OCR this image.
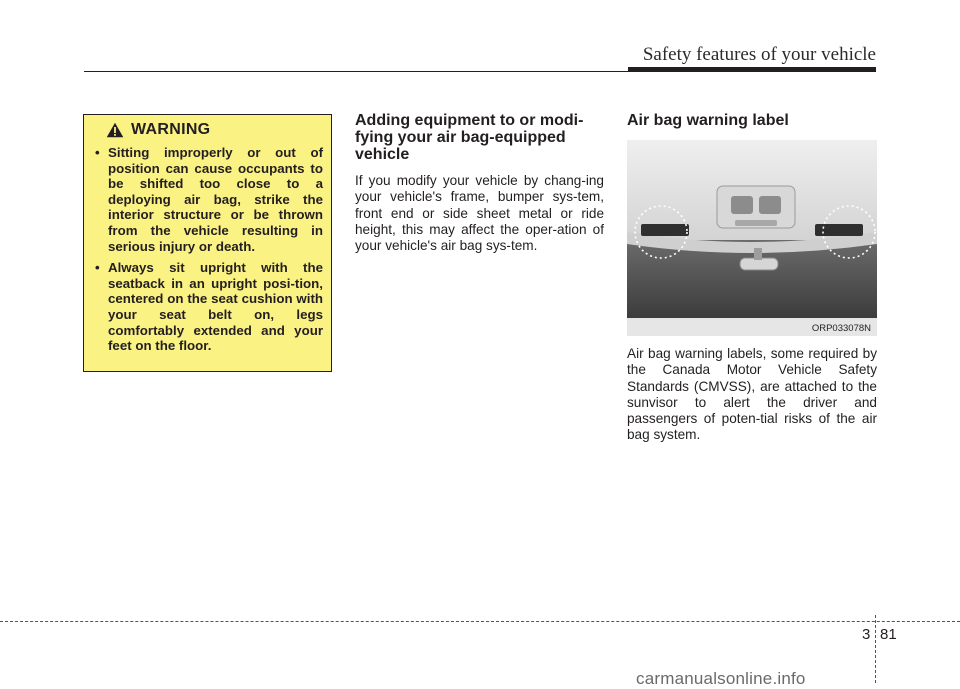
Safety features of your vehicle
WARNING
• Sitting improperly or out of position can cause occupants to be shifted too close to a deploying air bag, strike the interior structure or be thrown from the vehicle resulting in serious injury or death.
• Always sit upright with the seatback in an upright posi-tion, centered on the seat cushion with your seat belt on, legs comfortably extended and your feet on the floor.
Adding equipment to or modi-fying your air bag-equipped vehicle

If you modify your vehicle by chang-ing your vehicle's frame, bumper sys-tem, front end or side sheet metal or ride height, this may affect the oper-ation of your vehicle's air bag sys-tem.

Air bag warning label
ORP033078N

Air bag warning labels, some required by the Canada Motor Vehicle Safety Standards (CMVSS), are attached to the sunvisor to alert the driver and passengers of poten-tial risks of the air bag system.

3 81
carmanualsonline.info
